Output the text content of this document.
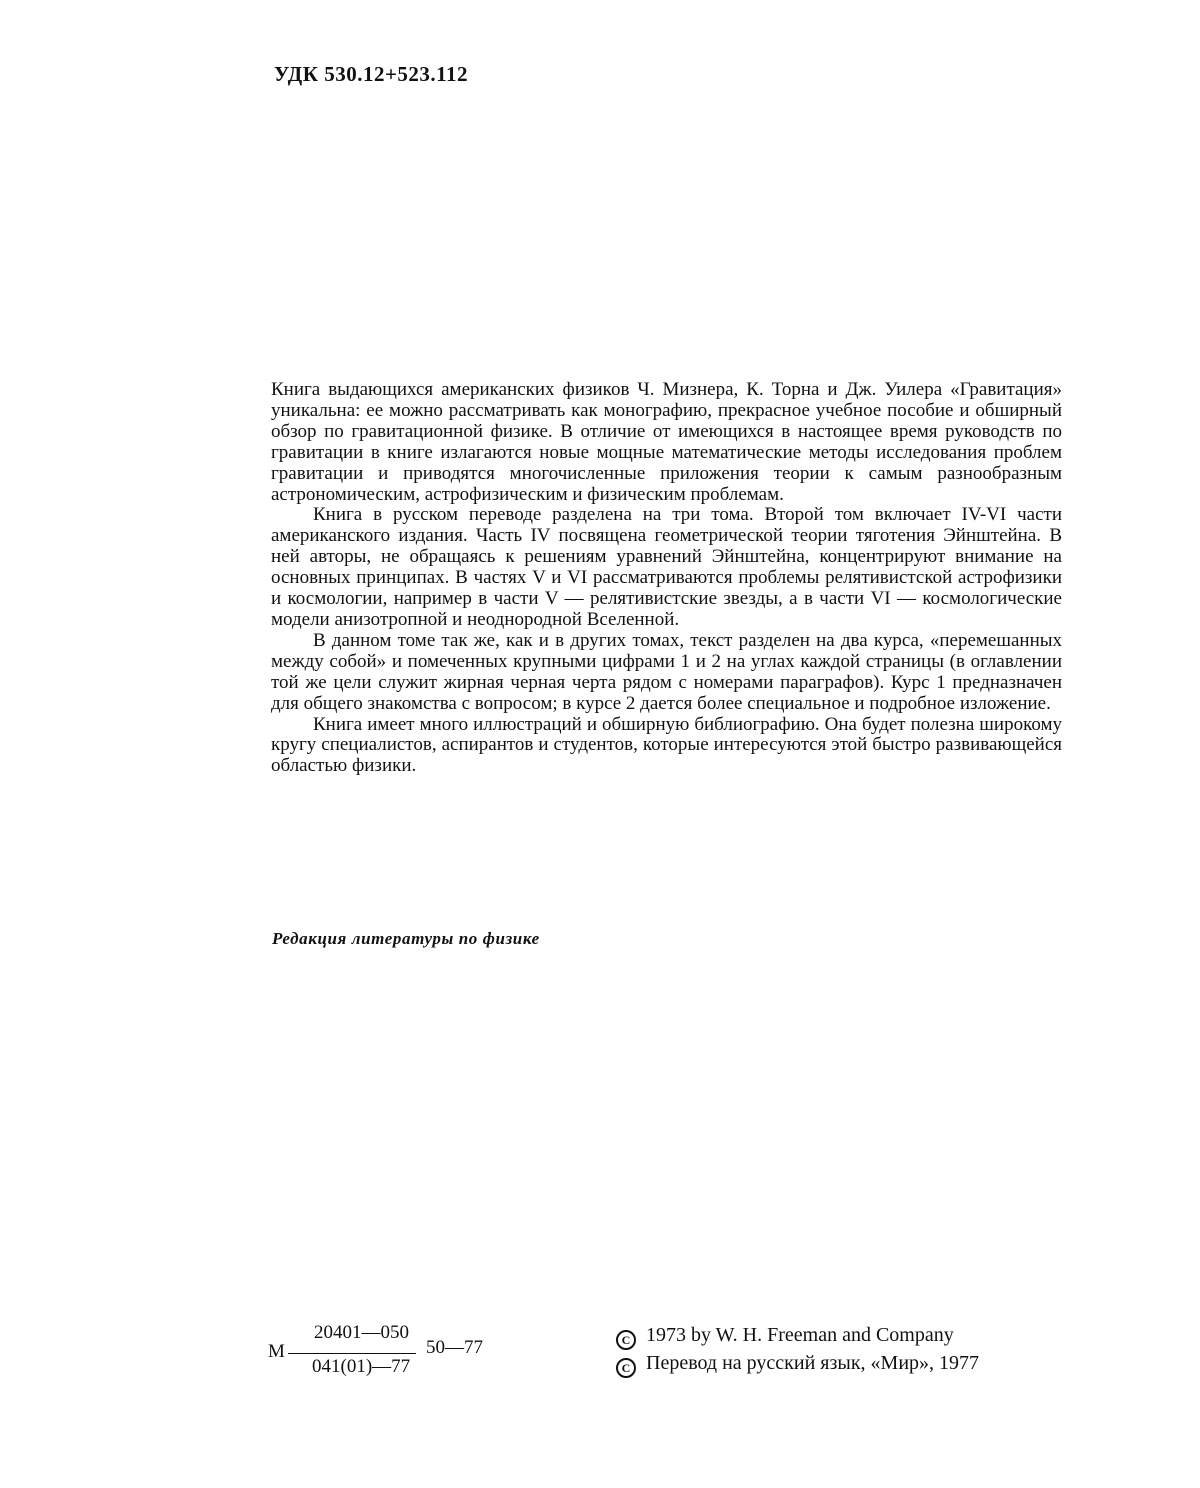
УДК 530.12+523.112

Книга выдающихся американских физиков Ч. Мизнера, К. Торна и Дж. Уилера «Гравитация» уникальна: ее можно рассматривать как монографию, прекрасное учебное пособие и обширный обзор по гравитационной физике. В отличие от имеющихся в настоящее время руководств по гравитации в книге излагаются новые мощные математические методы исследования проблем гравитации и приводятся многочисленные приложения теории к самым разнообразным астрономическим, астрофизическим и физическим проблемам.

Книга в русском переводе разделена на три тома. Второй том включает IV-VI части американского издания. Часть IV посвящена геометрической теории тяготения Эйнштейна. В ней авторы, не обращаясь к решениям уравнений Эйнштейна, концентрируют внимание на основных принципах. В частях V и VI рассматриваются проблемы релятивистской астрофизики и космологии, например в части V — релятивистские звезды, а в части VI — космологические модели анизотропной и неоднородной Вселенной.

В данном томе так же, как и в других томах, текст разделен на два курса, «перемешанных между собой» и помеченных крупными цифрами 1 и 2 на углах каждой страницы (в оглавлении той же цели служит жирная черная черта рядом с номерами параграфов). Курс 1 предназначен для общего знакомства с вопросом; в курсе 2 дается более специальное и подробное изложение.

Книга имеет много иллюстраций и обширную библиографию. Она будет полезна широкому кругу специалистов, аспирантов и студентов, которые интересуются этой быстро развивающейся областью физики.

Редакция литературы по физике
М
20401—050
041(01)—77
50—77	C 1973 by W. H. Freeman and Company
C Перевод на русский язык, «Мир», 1977
